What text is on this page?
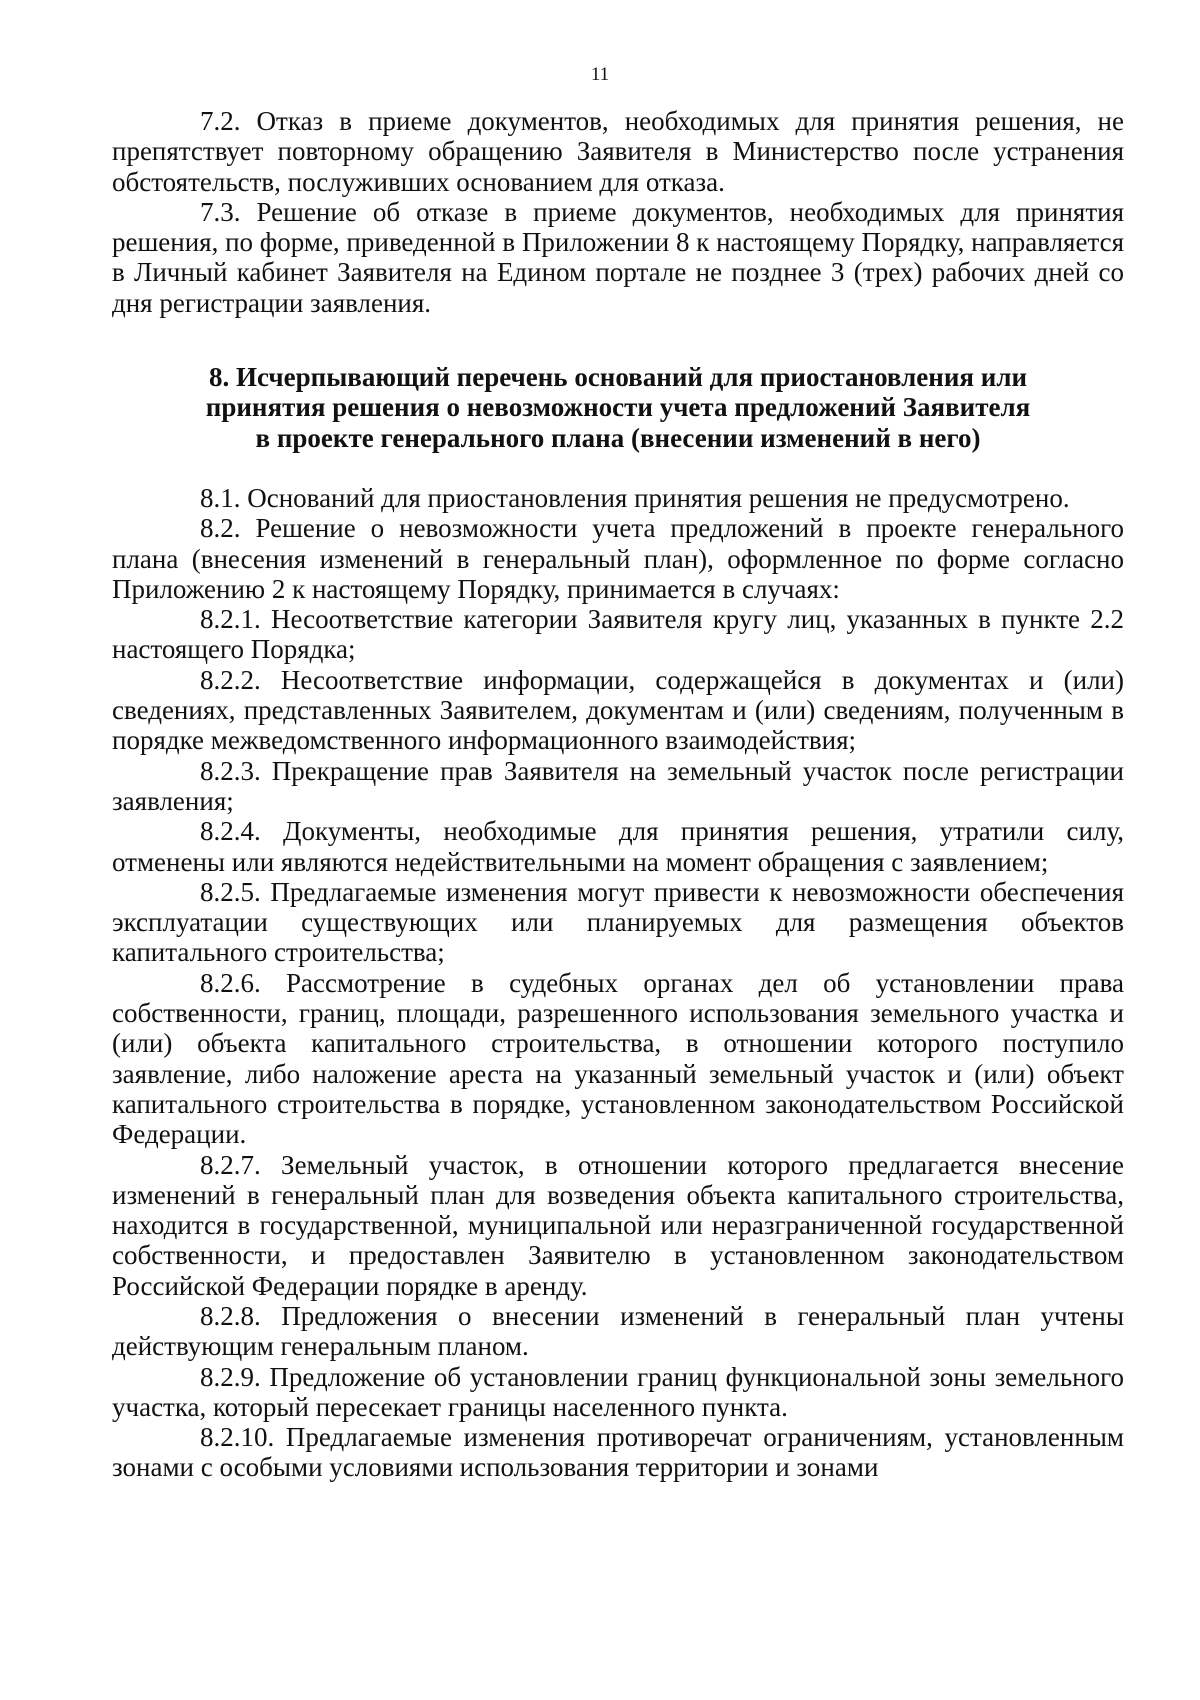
11

7.2. Отказ в приеме документов, необходимых для принятия решения, не препятствует повторному обращению Заявителя в Министерство после устранения обстоятельств, послуживших основанием для отказа.

7.3. Решение об отказе в приеме документов, необходимых для принятия решения, по форме, приведенной в Приложении 8 к настоящему Порядку, направляется в Личный кабинет Заявителя на Едином портале не позднее 3 (трех) рабочих дней со дня регистрации заявления.

8. Исчерпывающий перечень оснований для приостановления или
принятия решения о невозможности учета предложений Заявителя
в проекте генерального плана (внесении изменений в него)

8.1. Оснований для приостановления принятия решения не предусмотрено.

8.2. Решение о невозможности учета предложений в проекте генерального плана (внесения изменений в генеральный план), оформленное по форме согласно Приложению 2 к настоящему Порядку, принимается в случаях:

8.2.1. Несоответствие категории Заявителя кругу лиц, указанных в пункте 2.2 настоящего Порядка;

8.2.2. Несоответствие информации, содержащейся в документах и (или) сведениях, представленных Заявителем, документам и (или) сведениям, полученным в порядке межведомственного информационного взаимодействия;

8.2.3. Прекращение прав Заявителя на земельный участок после регистрации заявления;

8.2.4. Документы, необходимые для принятия решения, утратили силу, отменены или являются недействительными на момент обращения с заявлением;

8.2.5. Предлагаемые изменения могут привести к невозможности обеспечения эксплуатации существующих или планируемых для размещения объектов капитального строительства;

8.2.6. Рассмотрение в судебных органах дел об установлении права собственности, границ, площади, разрешенного использования земельного участка и (или) объекта капитального строительства, в отношении которого поступило заявление, либо наложение ареста на указанный земельный участок и (или) объект капитального строительства в порядке, установленном законодательством Российской Федерации.

8.2.7. Земельный участок, в отношении которого предлагается внесение изменений в генеральный план для возведения объекта капитального строительства, находится в государственной, муниципальной или неразграниченной государственной собственности, и предоставлен Заявителю в установленном законодательством Российской Федерации порядке в аренду.

8.2.8. Предложения о внесении изменений в генеральный план учтены действующим генеральным планом.

8.2.9. Предложение об установлении границ функциональной зоны земельного участка, который пересекает границы населенного пункта.

8.2.10. Предлагаемые изменения противоречат ограничениям, установленным зонами с особыми условиями использования территории и зонами
